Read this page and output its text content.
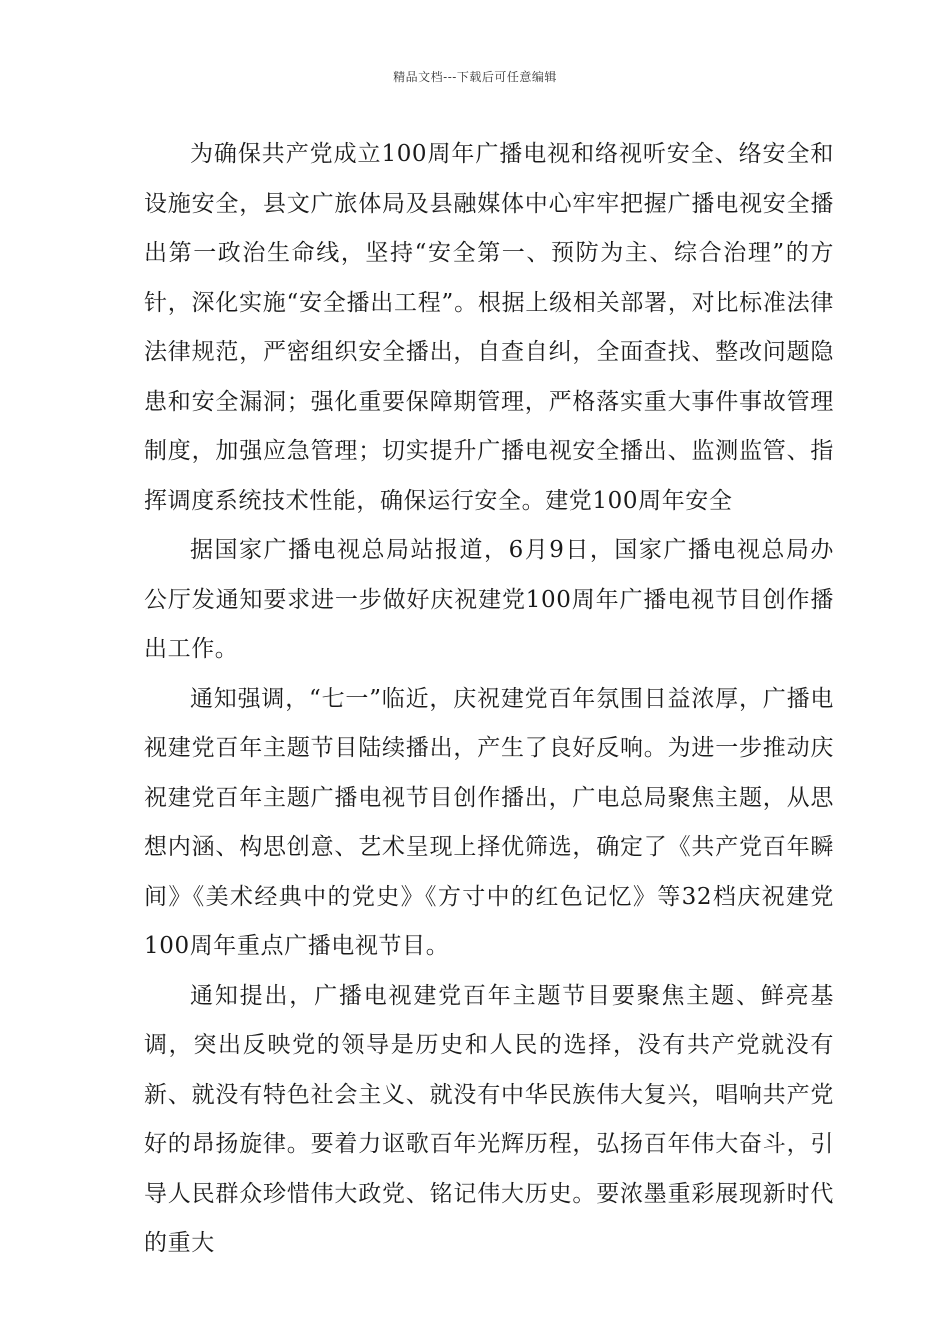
精品文档---下载后可任意编辑

为确保共产党成立100周年广播电视和络视听安全、络安全和设施安全，县文广旅体局及县融媒体中心牢牢把握广播电视安全播出第一政治生命线，坚持“安全第一、预防为主、综合治理”的方针，深化实施“安全播出工程”。根据上级相关部署，对比标准法律法律规范，严密组织安全播出，自查自纠，全面查找、整改问题隐患和安全漏洞；强化重要保障期管理，严格落实重大事件事故管理制度，加强应急管理；切实提升广播电视安全播出、监测监管、指挥调度系统技术性能，确保运行安全。建党100周年安全

据国家广播电视总局站报道，6月9日，国家广播电视总局办公厅发通知要求进一步做好庆祝建党100周年广播电视节目创作播出工作。

通知强调，“七一”临近，庆祝建党百年氛围日益浓厚，广播电视建党百年主题节目陆续播出，产生了良好反响。为进一步推动庆祝建党百年主题广播电视节目创作播出，广电总局聚焦主题，从思想内涵、构思创意、艺术呈现上择优筛选，确定了《共产党百年瞬间》《美术经典中的党史》《方寸中的红色记忆》等32档庆祝建党100周年重点广播电视节目。

通知提出，广播电视建党百年主题节目要聚焦主题、鲜亮基调，突出反映党的领导是历史和人民的选择，没有共产党就没有新、就没有特色社会主义、就没有中华民族伟大复兴，唱响共产党好的昂扬旋律。要着力讴歌百年光辉历程，弘扬百年伟大奋斗，引导人民群众珍惜伟大政党、铭记伟大历史。要浓墨重彩展现新时代的重大
